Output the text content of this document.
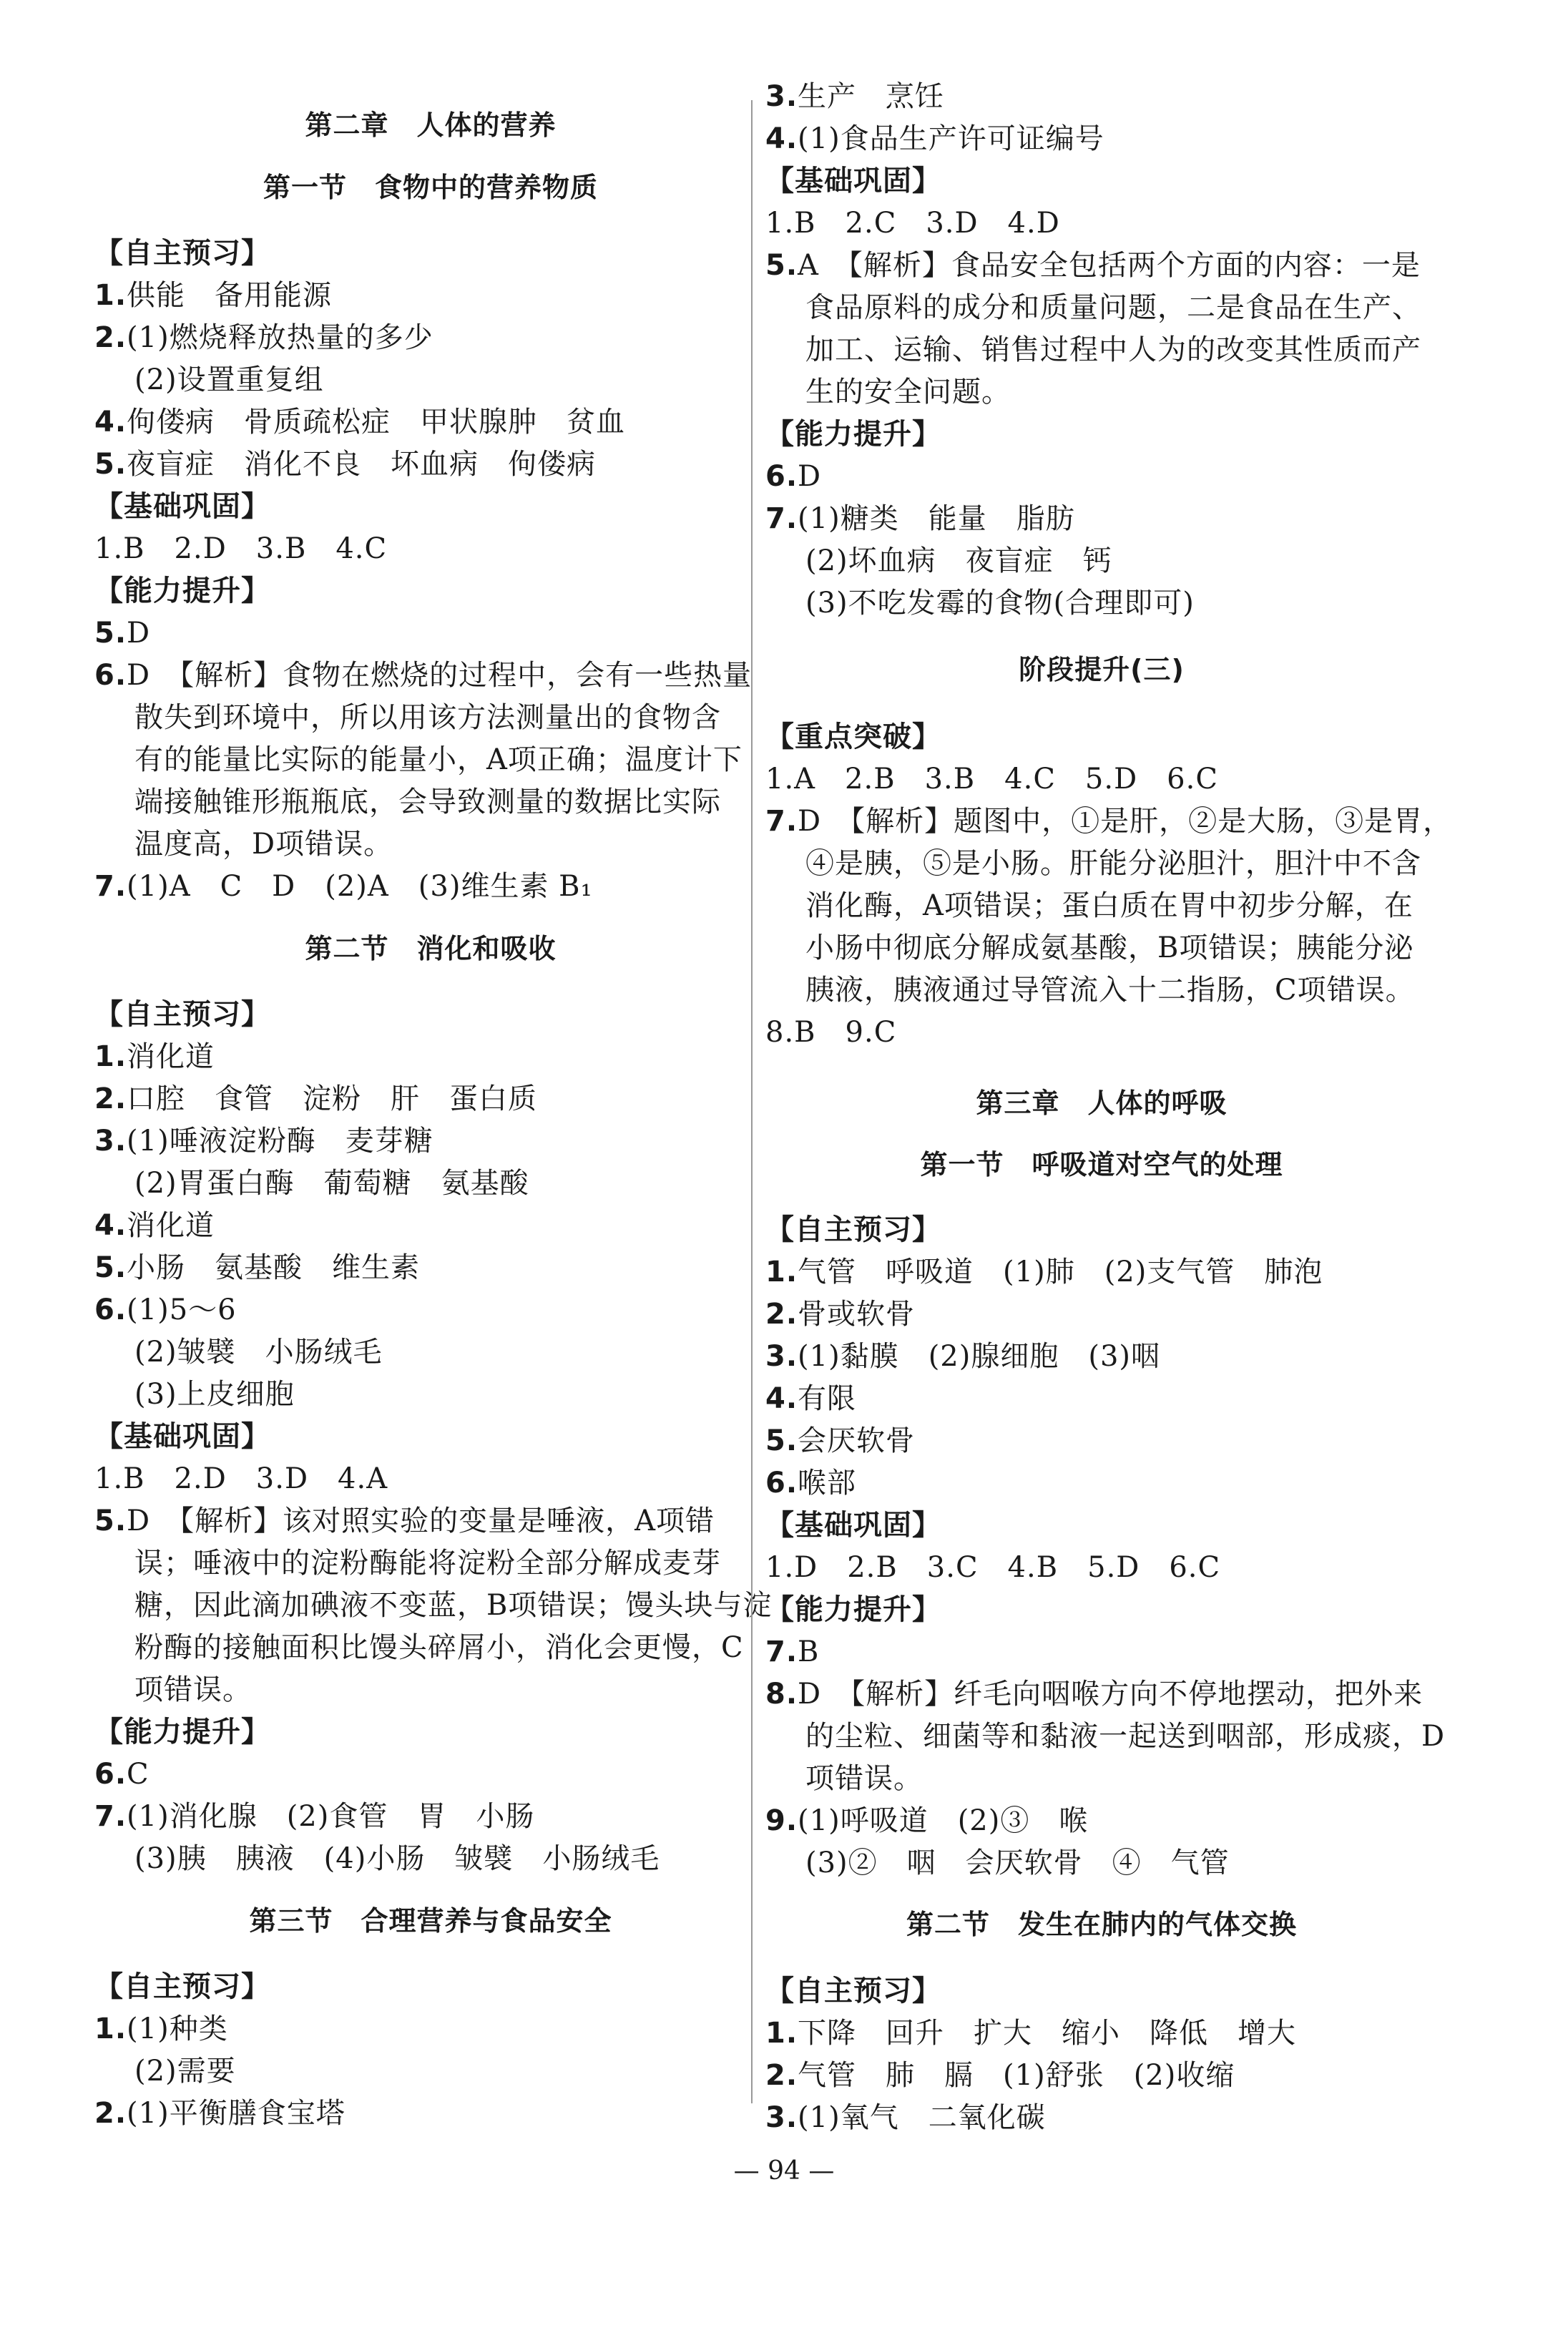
第二章　人体的营养
第一节　食物中的营养物质
【自主预习】
1.供能　备用能源
2.(1)燃烧释放热量的多少
(2)设置重复组
4.佝偻病　骨质疏松症　甲状腺肿　贫血
5.夜盲症　消化不良　坏血病　佝偻病
【基础巩固】
1.B　2.D　3.B　4.C
【能力提升】
5.D
6.D　【解析】食物在燃烧的过程中，会有一些热量
散失到环境中，所以用该方法测量出的食物含
有的能量比实际的能量小，A项正确；温度计下
端接触锥形瓶瓶底，会导致测量的数据比实际
温度高，D项错误。
7.(1)A　C　D　(2)A　(3)维生素 B₁
第二节　消化和吸收
【自主预习】
1.消化道
2.口腔　食管　淀粉　肝　蛋白质
3.(1)唾液淀粉酶　麦芽糖
(2)胃蛋白酶　葡萄糖　氨基酸
4.消化道
5.小肠　氨基酸　维生素
6.(1)5～6
(2)皱襞　小肠绒毛
(3)上皮细胞
【基础巩固】
1.B　2.D　3.D　4.A
5.D　【解析】该对照实验的变量是唾液，A项错
误；唾液中的淀粉酶能将淀粉全部分解成麦芽
糖，因此滴加碘液不变蓝，B项错误；馒头块与淀
粉酶的接触面积比馒头碎屑小，消化会更慢，C
项错误。
【能力提升】
6.C
7.(1)消化腺　(2)食管　胃　小肠
(3)胰　胰液　(4)小肠　皱襞　小肠绒毛
第三节　合理营养与食品安全
【自主预习】
1.(1)种类
(2)需要
2.(1)平衡膳食宝塔
3.生产　烹饪
4.(1)食品生产许可证编号
【基础巩固】
1.B　2.C　3.D　4.D
5.A　【解析】食品安全包括两个方面的内容：一是
食品原料的成分和质量问题，二是食品在生产、
加工、运输、销售过程中人为的改变其性质而产
生的安全问题。
【能力提升】
6.D
7.(1)糖类　能量　脂肪
(2)坏血病　夜盲症　钙
(3)不吃发霉的食物(合理即可)
阶段提升(三)
【重点突破】
1.A　2.B　3.B　4.C　5.D　6.C
7.D　【解析】题图中，①是肝，②是大肠，③是胃，
④是胰，⑤是小肠。肝能分泌胆汁，胆汁中不含
消化酶，A项错误；蛋白质在胃中初步分解，在
小肠中彻底分解成氨基酸，B项错误；胰能分泌
胰液，胰液通过导管流入十二指肠，C项错误。
8.B　9.C
第三章　人体的呼吸
第一节　呼吸道对空气的处理
【自主预习】
1.气管　呼吸道　(1)肺　(2)支气管　肺泡
2.骨或软骨
3.(1)黏膜　(2)腺细胞　(3)咽
4.有限
5.会厌软骨
6.喉部
【基础巩固】
1.D　2.B　3.C　4.B　5.D　6.C
【能力提升】
7.B
8.D　【解析】纤毛向咽喉方向不停地摆动，把外来
的尘粒、细菌等和黏液一起送到咽部，形成痰，D
项错误。
9.(1)呼吸道　(2)③　喉
(3)②　咽　会厌软骨　④　气管
第二节　发生在肺内的气体交换
【自主预习】
1.下降　回升　扩大　缩小　降低　增大
2.气管　肺　膈　(1)舒张　(2)收缩
3.(1)氧气　二氧化碳
— 94 —
